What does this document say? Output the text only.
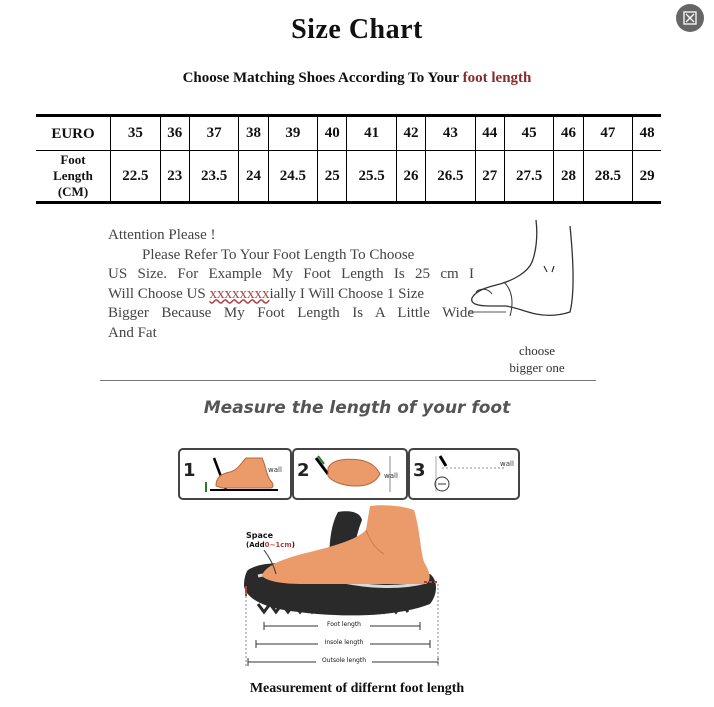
Size Chart
Choose Matching Shoes According To Your foot length
EURO	35	36	37	38	39	40	41	42	43	44	45	46	47	48

Foot
Length
(CM)	22.5	23	23.5	24	24.5	25	25.5	26	26.5	27	27.5	28	28.5	29
Attention Please !
Please Refer To Your Foot Length To Choose
US Size. For Example My Foot Length Is 25 cm I
Will Choose US xxxxxxxxially I Will Choose 1 Size
Bigger Because My Foot Length Is A Little Wide
And Fat
choose
bigger one
Measure the length of your foot
1	wall 2	wall 3	wall
Space
(Add0~1cm)
Foot length
Insole length
Outsole length
Measurement of differnt foot length
